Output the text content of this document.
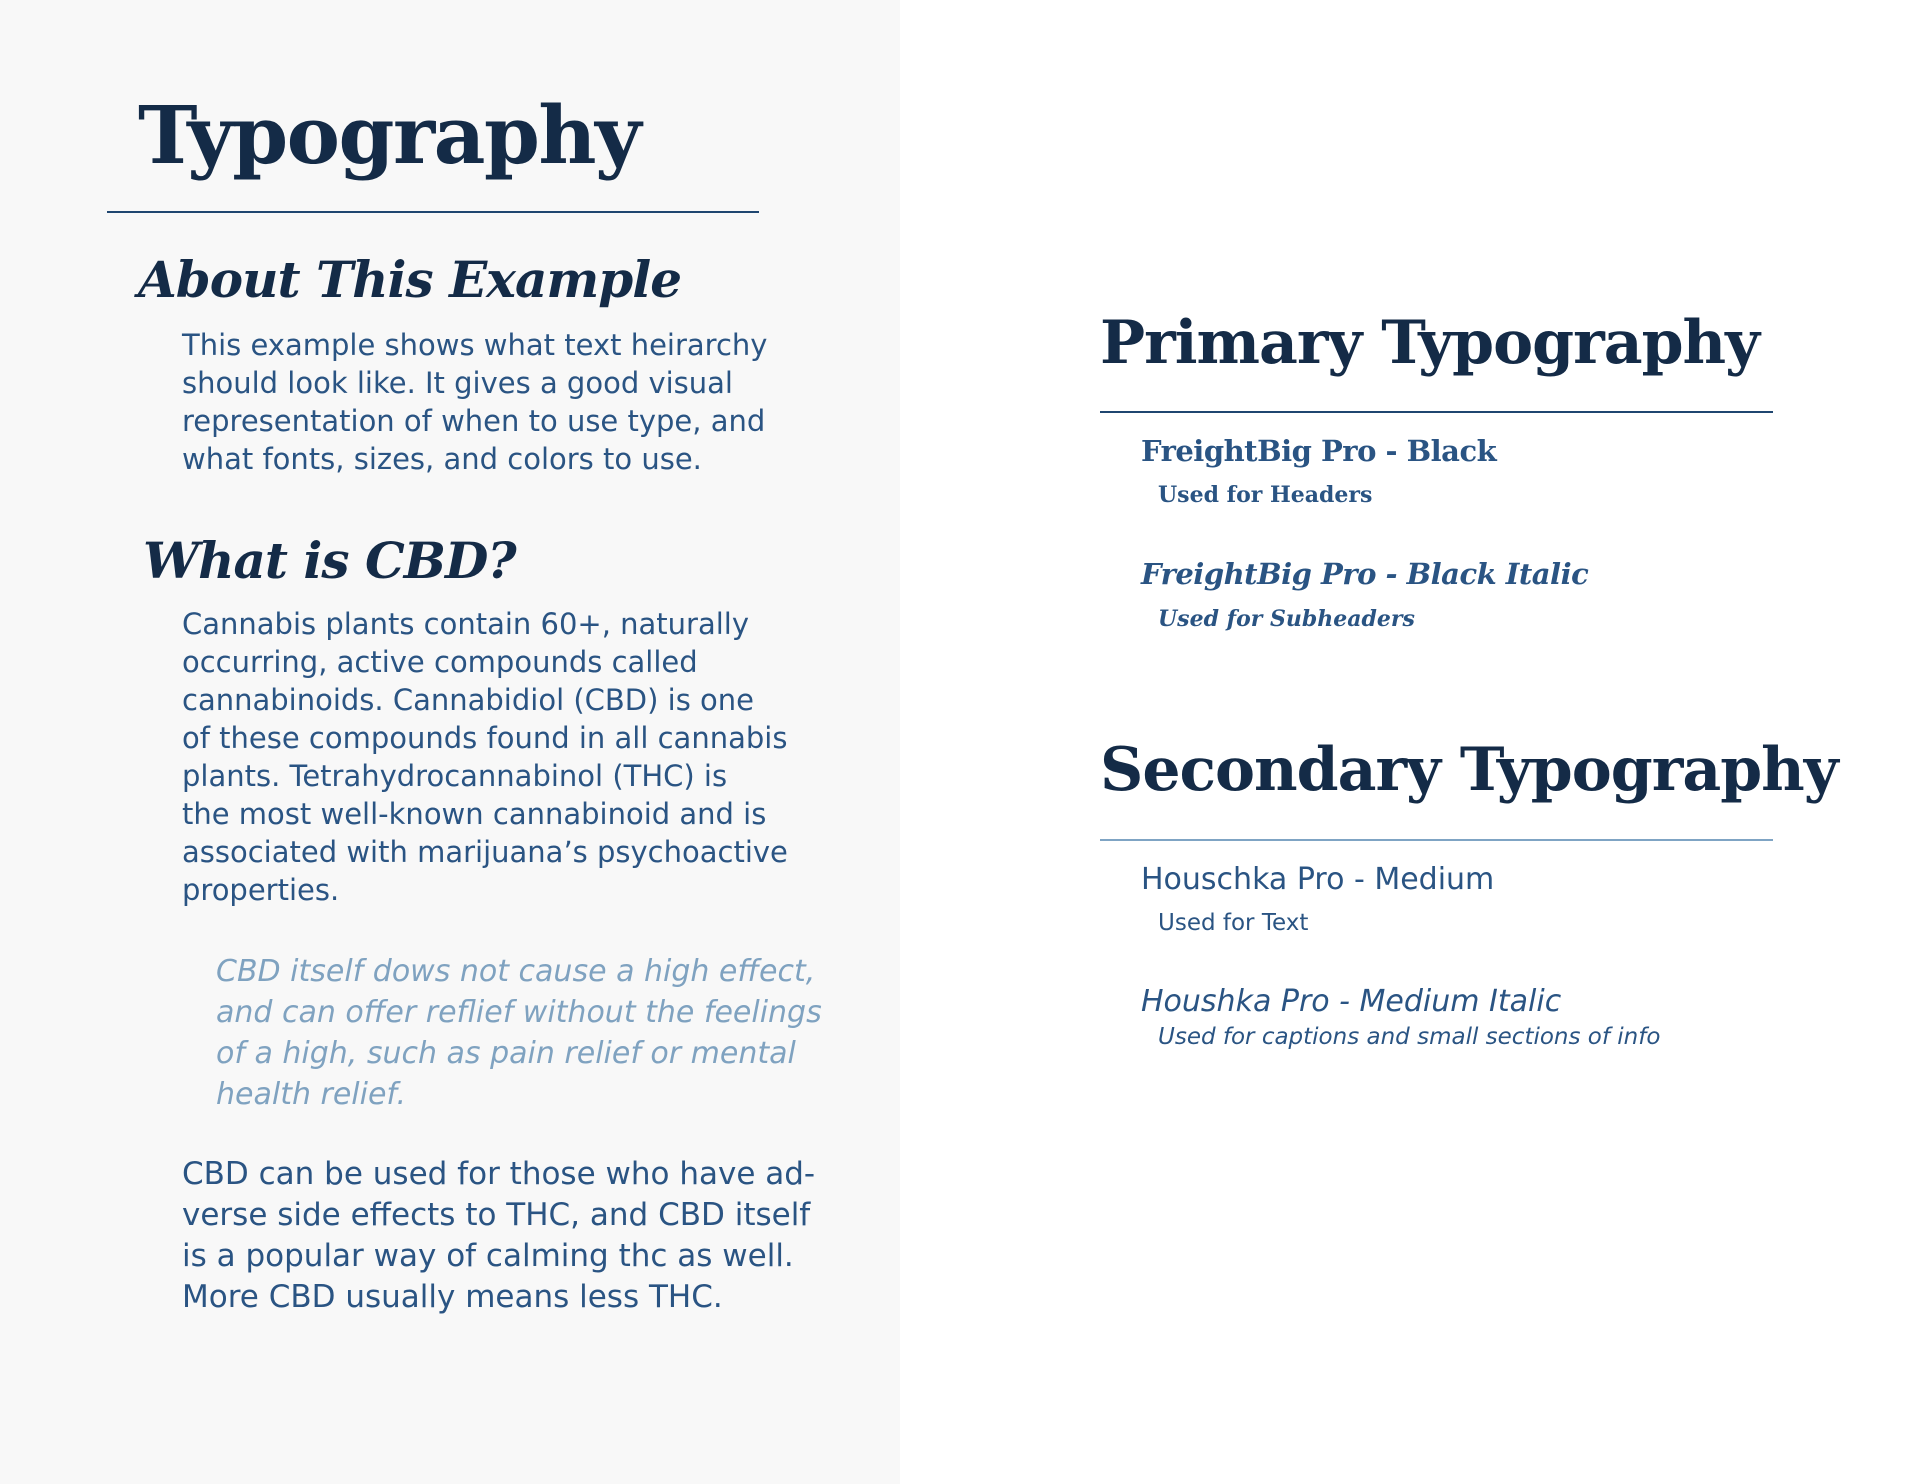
Typography
About This Example

This example shows what text heirarchy
should look like. It gives a good visual
representation of when to use type, and
what fonts, sizes, and colors to use.

What is CBD?

Cannabis plants contain 60+, naturally
occurring, active compounds called
cannabinoids. Cannabidiol (CBD) is one
of these compounds found in all cannabis
plants. Tetrahydrocannabinol (THC) is
the most well-known cannabinoid and is
associated with marijuana’s psychoactive
properties.

CBD itself dows not cause a high effect,
and can offer reflief without the feelings
of a high, such as pain relief or mental
health relief.

CBD can be used for those who have ad-
verse side effects to THC, and CBD itself
is a popular way of calming thc as well.
More CBD usually means less THC.

Primary Typography

FreightBig Pro - Black

Used for Headers

FreightBig Pro - Black Italic

Used for Subheaders

Secondary Typography

Houschka Pro - Medium

Used for Text

Houshka Pro - Medium Italic

Used for captions and small sections of info
